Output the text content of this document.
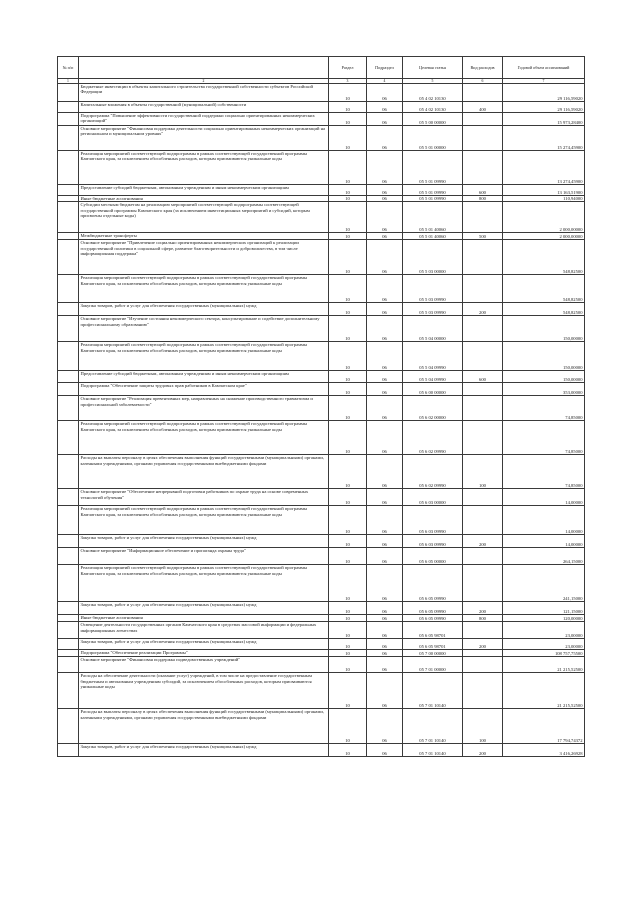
№ п/п		Раздел	Подраздел	Целевая статья	Вид расходов	Годовой объем ассигнований
1	2	3	4	5	6	7
	Бюджетные инвестиции в объекты капитального строительства государственной собственности субъектов Российской Федерации	10	06	05 4 02 10130		29 116,59020
	Капитальные вложения в объекты государственной (муниципальной) собственности	10	06	05 4 02 10130	400	29 116,59020
	Подпрограмма "Повышение эффективности государственной поддержки социально ориентированных некоммерческих организаций"	10	06	05 5 00 00000		15 973,28400
	Основное мероприятие "Финансовая поддержка деятельности социально ориентированных некоммерческих организаций на региональном и муниципальном уровнях"	10	06	05 5 01 00000		15 274,45900
	Реализация мероприятий соответствующей подпрограммы в рамках соответствующей государственной программы Камчатского края, за исключением обособленных расходов, которым присваиваются уникальные коды	10	06	05 5 01 09990		13 274,45900
	Предоставление субсидий бюджетным, автономным учреждениям и иным некоммерческим организациям	10	06	05 5 01 09990	600	13 163,51900
	Иные бюджетные ассигнования	10	06	05 5 01 09990	800	110,94000
	Субсидии местным бюджетам на реализацию мероприятий соответствующей подпрограммы соответствующей государственной программы Камчатского края (за исключением инвестиционных мероприятий и субсидий, которым присвоены отдельные коды)	10	06	05 5 01 40060		2 000,00000
	Межбюджетные трансферты	10	06	05 5 01 40060	500	2 000,00000
	Основное мероприятие "Привлечение социально ориентированных некоммерческих организаций к реализации государственной политики в социальной сфере, развитие благотворительности и добровольчества, в том числе информационная поддержка"	10	06	05 5 03 00000		548,82500
	Реализация мероприятий соответствующей подпрограммы в рамках соответствующей государственной программы Камчатского края, за исключением обособленных расходов, которым присваиваются уникальные коды	10	06	05 5 03 09990		548,82500
	Закупка товаров, работ и услуг для обеспечения государственных (муниципальных) нужд	10	06	05 5 03 09990	200	548,82500
	Основное мероприятие "Изучение состояния некоммерческого сектора, консультирование и содействие дополнительному профессиональному образованию"	10	06	05 5 04 00000		150,00000
	Реализация мероприятий соответствующей подпрограммы в рамках соответствующей государственной программы Камчатского края, за исключением обособленных расходов, которым присваиваются уникальные коды	10	06	05 5 04 09990		150,00000
	Предоставление субсидий бюджетным, автономным учреждениям и иным некоммерческим организациям	10	06	05 5 04 09990	600	150,00000
	Подпрограмма "Обеспечение защиты трудовых прав работников в Камчатском крае"	10	06	05 6 00 00000		353,00000
	Основное мероприятие "Реализация превентивных мер, направленных на снижение производственного травматизма и профессиональной заболеваемости"	10	06	05 6 02 00000		74,85000
	Реализация мероприятий соответствующей подпрограммы в рамках соответствующей государственной программы Камчатского края, за исключением обособленных расходов, которым присваиваются уникальные коды	10	06	05 6 02 09990		74,85000
	Расходы на выплаты персоналу в целях обеспечения выполнения функций государственными (муниципальными) органами, казенными учреждениями, органами управления государственными внебюджетными фондами	10	06	05 6 02 09990	100	74,85000
	Основное мероприятие "Обеспечение непрерывной подготовки работников по охране труда на основе современных технологий обучения"	10	06	05 6 03 00000		14,00000
	Реализация мероприятий соответствующей подпрограммы в рамках соответствующей государственной программы Камчатского края, за исключением обособленных расходов, которым присваиваются уникальные коды	10	06	05 6 03 09990		14,00000
	Закупка товаров, работ и услуг для обеспечения государственных (муниципальных) нужд	10	06	05 6 03 09990	200	14,00000
	Основное мероприятие "Информационное обеспечение и пропаганда охраны труда"	10	06	05 6 05 00000		264,15000
	Реализация мероприятий соответствующей подпрограммы в рамках соответствующей государственной программы Камчатского края, за исключением обособленных расходов, которым присваиваются уникальные коды	10	06	05 6 05 09990		241,15000
	Закупка товаров, работ и услуг для обеспечения государственных (муниципальных) нужд	10	06	05 6 05 09990	200	121,15000
	Иные бюджетные ассигнования	10	06	05 6 05 09990	800	120,00000
	Освещение деятельности государственных органов Камчатского края в средствах массовой информации и федеральных информационных агентствах	10	06	05 6 05 98701		23,00000
	Закупка товаров, работ и услуг для обеспечения государственных (муниципальных) нужд	10	06	05 6 05 98701	200	23,00000
	Подпрограмма "Обеспечение реализации Программы"	10	06	05 7 00 00000		108 757,75500
	Основное мероприятие "Финансовая поддержка подведомственных учреждений"	10	06	05 7 01 00000		21 215,52500
	Расходы на обеспечение деятельности (оказание услуг) учреждений, в том числе на предоставление государственным бюджетным и автономным учреждениям субсидий, за исключением обособленных расходов, которым присваиваются уникальные коды	10	06	05 7 01 10140		21 215,52500
	Расходы на выплаты персоналу в целях обеспечения выполнения функций государственными (муниципальными) органами, казенными учреждениями, органами управления государственными внебюджетными фондами	10	06	05 7 01 10140	100	17 794,74372
	Закупка товаров, работ и услуг для обеспечения государственных (муниципальных) нужд	10	06	05 7 01 10140	200	3 416,26928
